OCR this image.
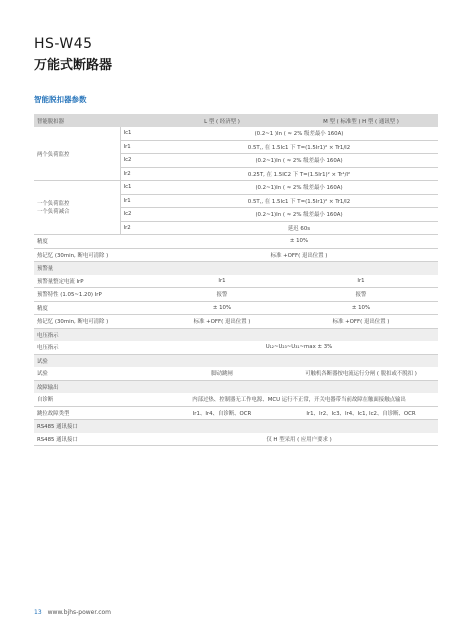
HS-W45
万能式断路器
智能脱扣器参数
智能脱扣器		L 型 ( 经济型 )	M 型 ( 标准型 ) H 型 ( 通讯型 )
两个负荷监控	Ic1	(0.2~1 )In ( ≈ 2% 级差最小 160A)	
	Ir1	0.5T,, 在 1.5Ic1 下 T=(1.5Ir1)² × Tr1/I2	
	Ic2	(0.2~1)In ( ≈ 2% 级差最小 160A)	
	Ir2	0.25T, 在 1.5IC2 下 T=(1.5Ir1)² × Tr¹/I²	

一个负荷监控
一个负荷减合	Ic1	(0.2~1)In ( ≈ 2% 级差最小 160A)	
	Ir1	0.5T,, 在 1.5Ic1 下 T=(1.5Ir1)² × Tr1/I2	
	Ic2	(0.2~1)In ( ≈ 2% 级差最小 160A)	
	Ir2	延迟 60s	
精度		± 10%	
热记忆 (30min, 断电可清除 )		标准 +OFF( 退出位置 )	
预警量			
预警量整定电流 IrP		Ir1	Ir1
预警特性 (1.05~1.20) IrP		报警	报警
精度		± 10%	± 10%
热记忆 (30min, 断电可清除 )		标准 +OFF( 退出位置 )	标准 +OFF( 退出位置 )
电压指示			
电压指示		U₁₂~U₂₃~U₃₁~max ± 3%	
试验			
试验		脚动跳闸	可触机各断器按电流运行分闸 ( 脱扣或不脱扣 )
故障输出			
自诊断		内部过热、控制器无工作电源、MCU 运行不正常，开关电器带当前故障在触面接触点输出	
跳位故障类型		Ir1、Ir4、自诊断、OCR	Ir1、Ir2、Ic3、Ir4、Ic1, Ic2、自诊断、OCR
RS485 通讯接口			
RS485 通讯接口		仅 H 型采用 ( 应用户要求 )	
13 www.bjhs-power.com
